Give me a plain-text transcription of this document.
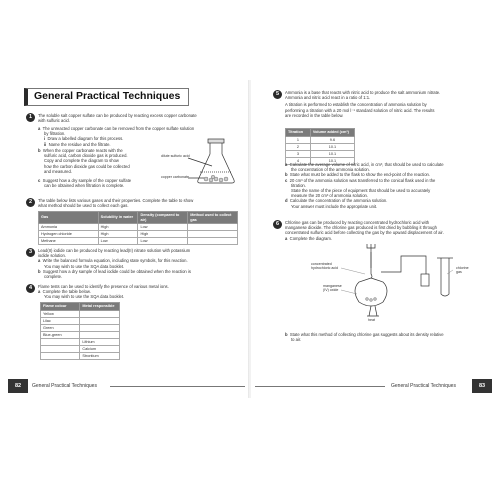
General Practical Techniques
1	The soluble salt copper sulfate can be produced by reacting excess copper carbonate
with sulfuric acid.
a The unreacted copper carbonate can be removed from the copper sulfate solution
by filtration.
i Draw a labelled diagram for this process.
ii Name the residue and the filtrate.
b When the copper carbonate reacts with the
sulfuric acid, carbon dioxide gas is produced.
Copy and complete the diagram to show
how the carbon dioxide gas could be collected
and measured.
c Suggest how a dry sample of the copper sulfate
can be obtained when filtration is complete.
dilute sulfuric acid
copper carbonate
2	The table below lists various gases and their properties. Complete the table to show
what method should be used to collect each gas.
Gas	Solubility in water	Density (compared to air)	Method used to collect gas
Ammonia	High	Low	
Hydrogen chloride	High	High	
Methane	Low	Low	
3	Lead(II) iodide can be produced by reacting lead(II) nitrate solution with potassium
iodide solution.
a Write the balanced formula equation, including state symbols, for this reaction.
You may wish to use the SQA data booklet.
b Suggest how a dry sample of lead iodide could be obtained when the reaction is
complete.
4	Flame tests can be used to identify the presence of various metal ions.
a Complete the table below.
You may wish to use the SQA data booklet.
Flame colour	Metal responsible
Yellow	
Lilac	
Green	
Blue-green	
	Lithium
	Calcium
	Strontium
82	General Practical Techniques
5	Ammonia is a base that reacts with nitric acid to produce the salt ammonium nitrate.
Ammonia and nitric acid react in a ratio of 1:1.
A titration is performed to establish the concentration of ammonia solution by
performing a titration with a 20 mol l⁻¹ standard solution of nitric acid. The results
are recorded in the table below.
Titration	Volume added (cm³)
1	9.6
2	10.1
3	10.1
4	10.1
a Calculate the average volume of nitric acid, in cm³, that should be used to calculate
the concentration of the ammonia solution.
b State what must be added to the flask to show the end-point of the reaction.
c 20 cm³ of the ammonia solution was transferred to the conical flask used in the
titration.
State the name of the piece of equipment that should be used to accurately
measure the 20 cm³ of ammonia solution.
d Calculate the concentration of the ammonia solution.
Your answer must include the appropriate unit.
6	Chlorine gas can be produced by reacting concentrated hydrochloric acid with
manganese dioxide. The chlorine gas produced is first dried by bubbling it through
concentrated sulfuric acid before collecting the gas by the upward displacement of air.
a Complete the diagram.
concentrated
hydrochloric acid
manganese
(IV) oxide
heat
chlorine
gas
b State what this method of collecting chlorine gas suggests about its density relative
to air.
General Practical Techniques	83
